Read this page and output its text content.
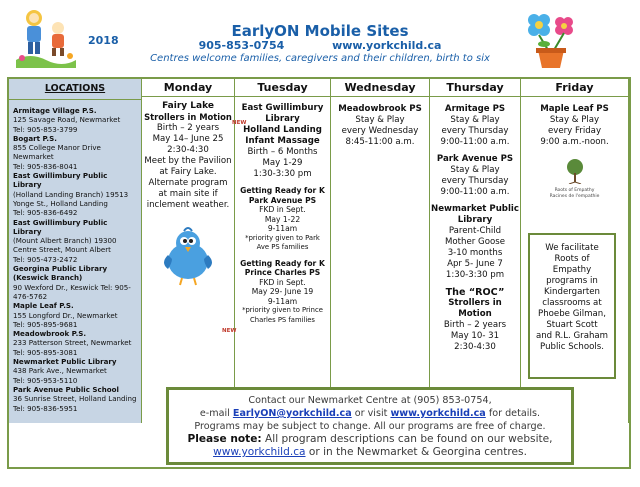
2018
EarlyON Mobile Sites
905-853-0754	www.yorkchild.ca
Centres welcome families, caregivers and their children, birth to six
LOCATIONS
Armitage Village P.S.
125 Savage Road, Newmarket
Tel: 905-853-3799
Bogart P.S.
855 College Manor Drive
Newmarket
Tel: 905-836-8041
East Gwillimbury Public Library
(Holland Landing Branch) 19513
Yonge St., Holland Landing
Tel: 905-836-6492
East Gwillimbury Public Library
(Mount Albert Branch) 19300
Centre Street, Mount Albert
Tel: 905-473-2472
Georgina Public Library
(Keswick Branch)
90 Wexford Dr., Keswick Tel: 905-
476-5762
Maple Leaf P.S.
155 Longford Dr., Newmarket
Tel: 905-895-9681
Meadowbrook P.S.
233 Patterson Street, Newmarket
Tel: 905-895-3081
Newmarket Public Library
438 Park Ave., Newmarket
Tel: 905-953-5110
Park Avenue Public School
36 Sunrise Street, Holland Landing
Tel: 905-836-5951
Monday
Fairy Lake
Strollers in Motion
Birth – 2 years
May 14– June 25
2:30-4:30
Meet by the Pavilion
at Fairy Lake.
Alternate program
at main site if
inclement weather.
Tuesday
East Gwillimbury
Library
Holland Landing
Infant Massage
Birth – 6 Months
May 1-29
1:30-3:30 pm
Getting Ready for K
Park Avenue PS
FKD in Sept.
May 1-22
9-11am
*priority given to Park
Ave PS families
Getting Ready for K
Prince Charles PS
FKD in Sept.
May 29- June 19
9-11am
*priority given to Prince
Charles PS families
NEW
NEW
Wednesday
Meadowbrook PS
Stay & Play
every Wednesday
8:45-11:00 a.m.
Thursday
Armitage PS
Stay & Play
every Thursday
9:00-11:00 a.m.
Park Avenue PS
Stay & Play
every Thursday
9:00-11:00 a.m.
Newmarket Public
Library
Parent-Child
Mother Goose
3-10 months
Apr 5- June 7
1:30-3:30 pm
The “ROC”
Strollers in Motion
Birth – 2 years
May 10- 31
2:30-4:30
Friday
Maple Leaf PS
Stay & Play
every Friday
9:00 a.m.-noon.
Roots of Empathy
Racines de l'empathie
We facilitate
Roots of
Empathy
programs in
Kindergarten
classrooms at
Phoebe Gilman,
Stuart Scott
and R.L. Graham
Public Schools.
Contact our Newmarket Centre at (905) 853-0754,
e-mail EarlyON@yorkchild.ca or visit www.yorkchild.ca for details.
Programs may be subject to change. All our programs are free of charge.
Please note: All program descriptions can be found on our website,
www.yorkchild.ca or in the Newmarket & Georgina centres.
